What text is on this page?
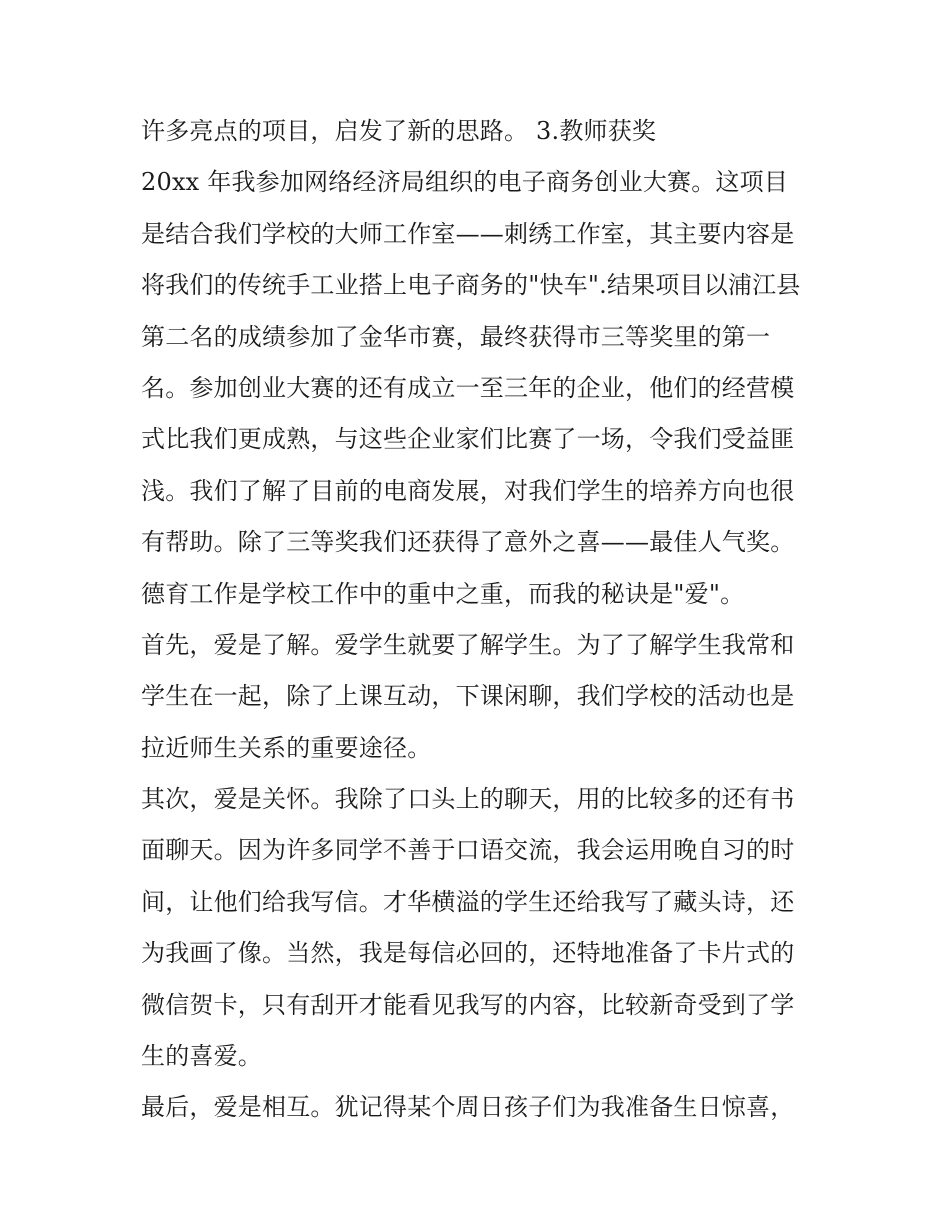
许多亮点的项目，启发了新的思路。 3.教师获奖
20xx 年我参加网络经济局组织的电子商务创业大赛。这项目
是结合我们学校的大师工作室——刺绣工作室，其主要内容是
将我们的传统手工业搭上电子商务的"快车".结果项目以浦江县
第二名的成绩参加了金华市赛，最终获得市三等奖里的第一
名。参加创业大赛的还有成立一至三年的企业，他们的经营模
式比我们更成熟，与这些企业家们比赛了一场，令我们受益匪
浅。我们了解了目前的电商发展，对我们学生的培养方向也很
有帮助。除了三等奖我们还获得了意外之喜——最佳人气奖。
德育工作是学校工作中的重中之重，而我的秘诀是"爱"。
首先，爱是了解。爱学生就要了解学生。为了了解学生我常和
学生在一起，除了上课互动，下课闲聊，我们学校的活动也是
拉近师生关系的重要途径。
其次，爱是关怀。我除了口头上的聊天，用的比较多的还有书
面聊天。因为许多同学不善于口语交流，我会运用晚自习的时
间，让他们给我写信。才华横溢的学生还给我写了藏头诗，还
为我画了像。当然，我是每信必回的，还特地准备了卡片式的
微信贺卡，只有刮开才能看见我写的内容，比较新奇受到了学
生的喜爱。
最后，爱是相互。犹记得某个周日孩子们为我准备生日惊喜，
